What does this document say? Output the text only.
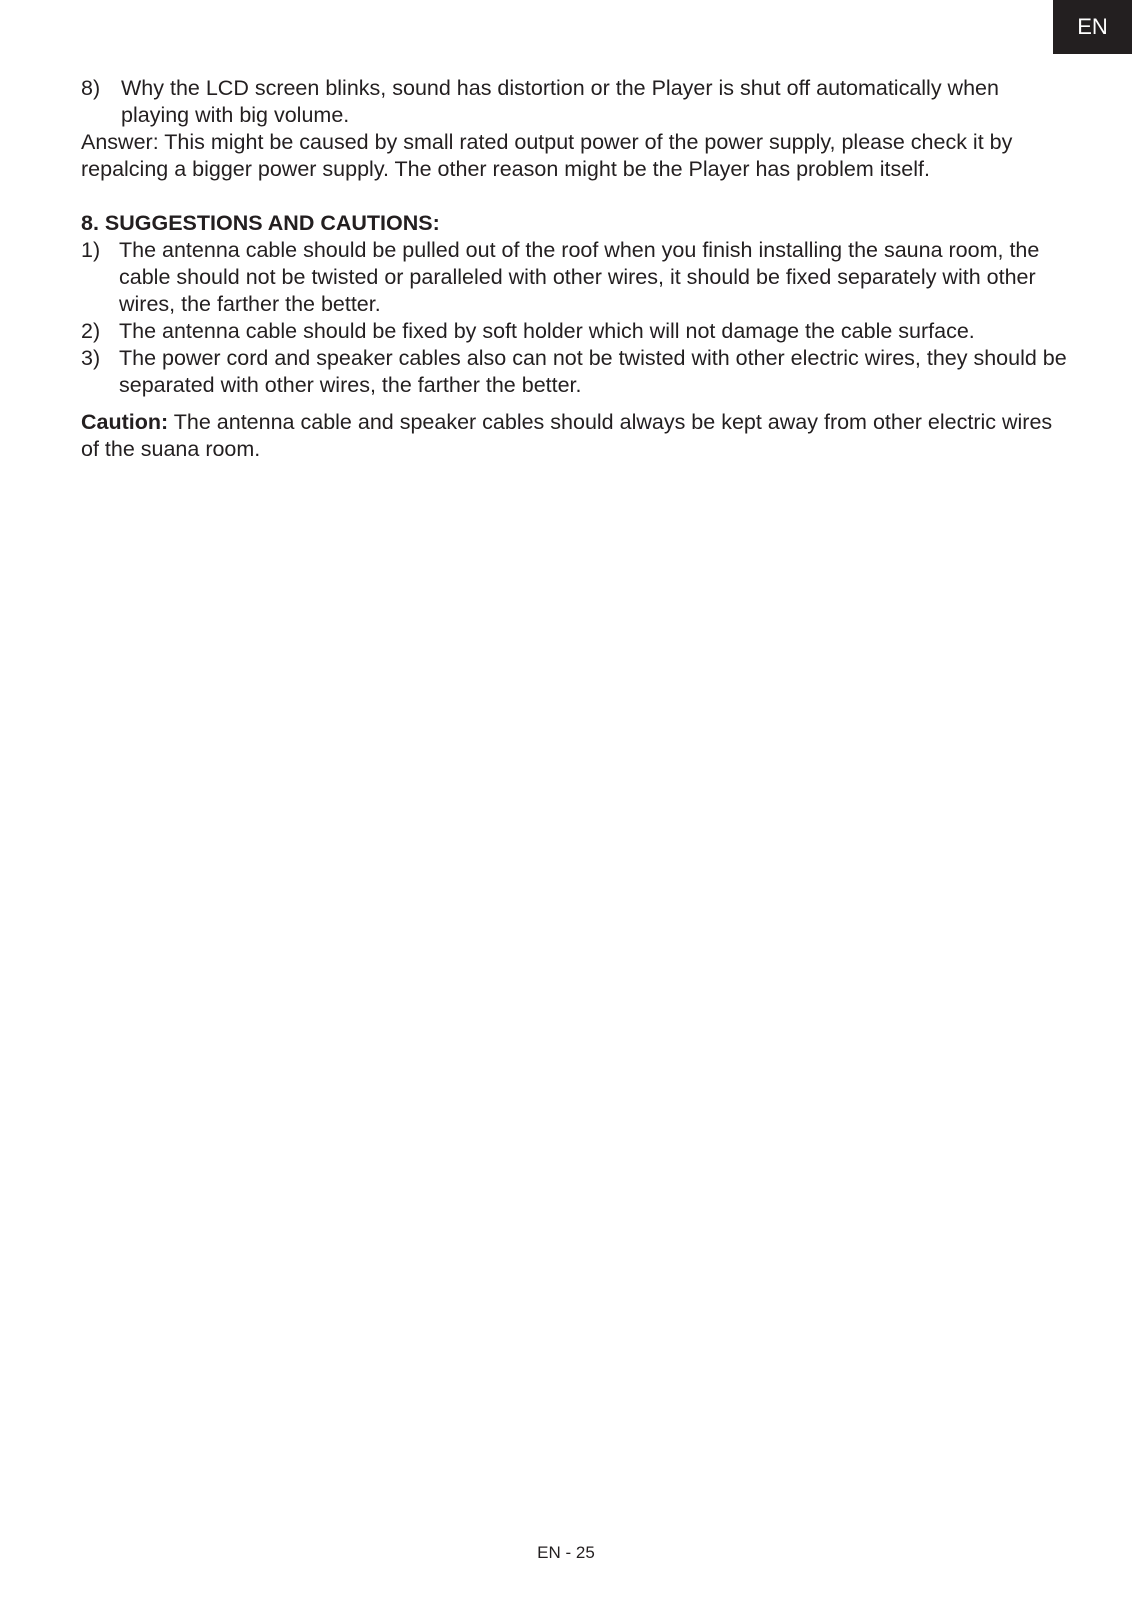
EN
8) Why the LCD screen blinks, sound has distortion or the Player is shut off automatically when playing with big volume.

Answer: This might be caused by small rated output power of the power supply, please check it by repalcing a bigger power supply. The other reason might be the Player has problem itself.

8. SUGGESTIONS AND CAUTIONS:

1) The antenna cable should be pulled out of the roof when you finish installing the sauna room, the cable should not be twisted or paralleled with other wires, it should be fixed separately with other wires, the farther the better.
2) The antenna cable should be fixed by soft holder which will not damage the cable surface.
3) The power cord and speaker cables also can not be twisted with other electric wires, they should be separated with other wires, the farther the better.

Caution: The antenna cable and speaker cables should always be kept away from other electric wires of the suana room.

EN - 25
